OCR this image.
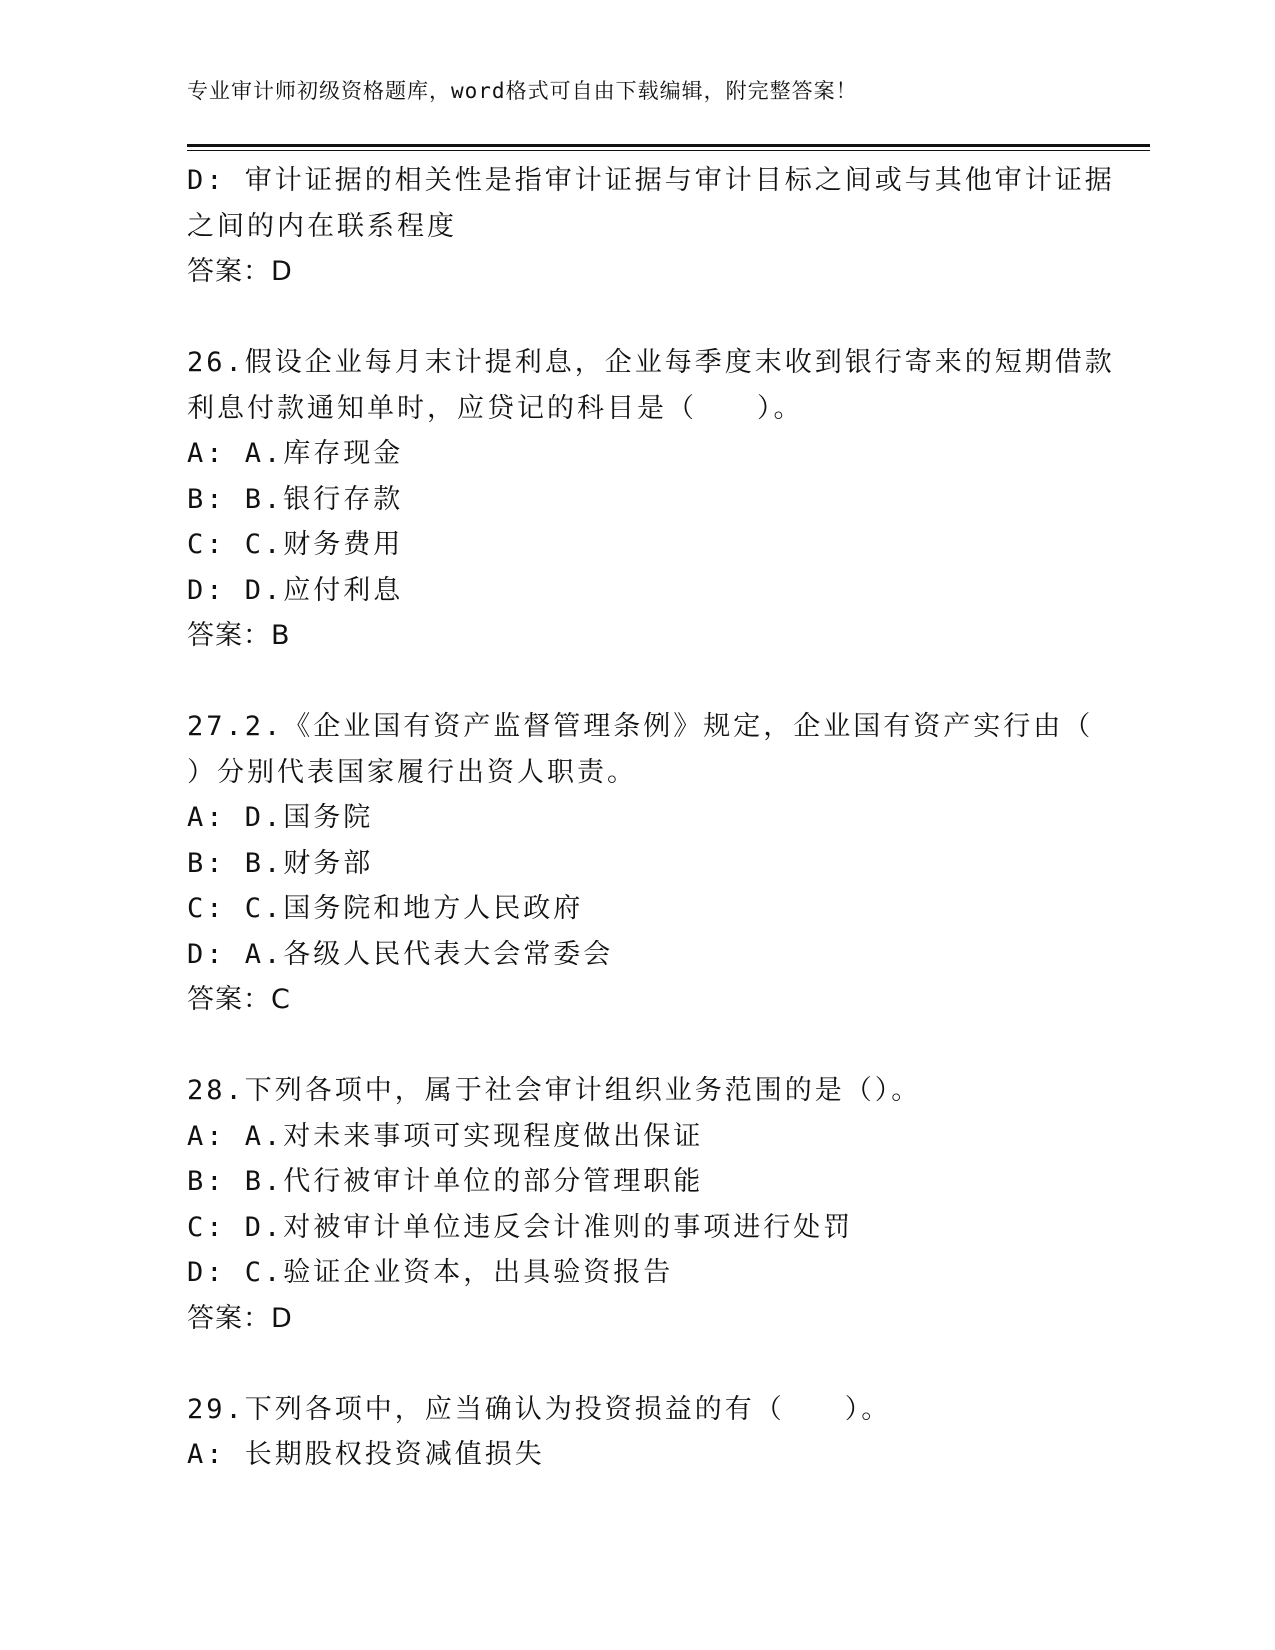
专业审计师初级资格题库，word格式可自由下载编辑，附完整答案！
D: 审计证据的相关性是指审计证据与审计目标之间或与其他审计证据
之间的内在联系程度
答案：D
26.假设企业每月末计提利息，企业每季度末收到银行寄来的短期借款
利息付款通知单时，应贷记的科目是（　　）。
A: A.库存现金
B: B.银行存款
C: C.财务费用
D: D.应付利息
答案：B
27.2.《企业国有资产监督管理条例》规定，企业国有资产实行由（
）分别代表国家履行出资人职责。
A: D.国务院
B: B.财务部
C: C.国务院和地方人民政府
D: A.各级人民代表大会常委会
答案：C
28.下列各项中，属于社会审计组织业务范围的是（）。
A: A.对未来事项可实现程度做出保证
B: B.代行被审计单位的部分管理职能
C: D.对被审计单位违反会计准则的事项进行处罚
D: C.验证企业资本，出具验资报告
答案：D
29.下列各项中，应当确认为投资损益的有（　　）。
A: 长期股权投资减值损失
